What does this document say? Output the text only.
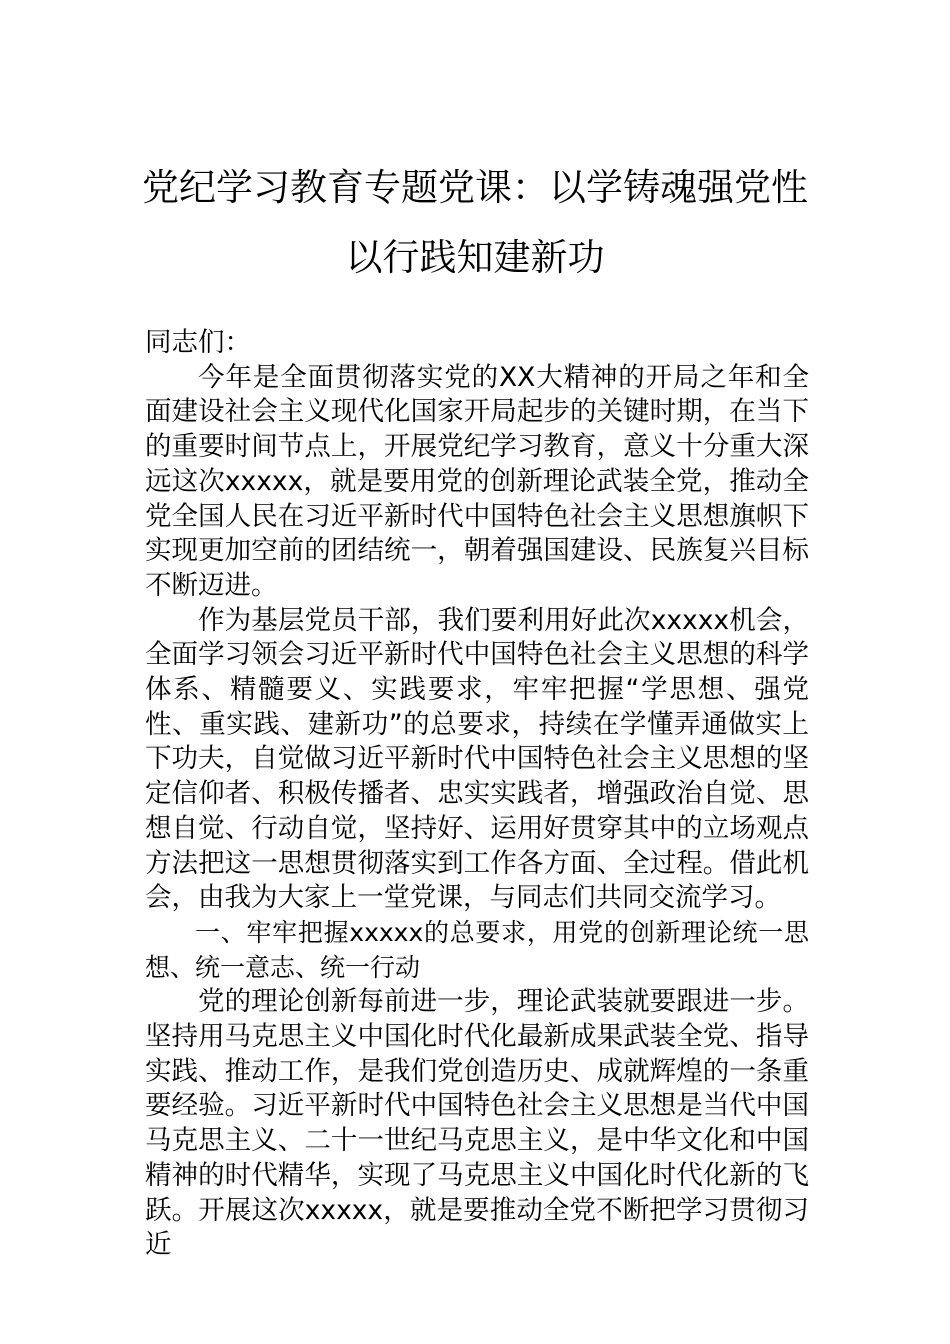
党纪学习教育专题党课：以学铸魂强党性
以行践知建新功

同志们：

今年是全面贯彻落实党的XX大精神的开局之年和全面建设社会主义现代化国家开局起步的关键时期，在当下的重要时间节点上，开展党纪学习教育，意义十分重大深远这次xxxxx，就是要用党的创新理论武装全党，推动全党全国人民在习近平新时代中国特色社会主义思想旗帜下实现更加空前的团结统一，朝着强国建设、民族复兴目标不断迈进。

作为基层党员干部，我们要利用好此次xxxxx机会，全面学习领会习近平新时代中国特色社会主义思想的科学体系、精髓要义、实践要求，牢牢把握“学思想、强党性、重实践、建新功”的总要求，持续在学懂弄通做实上下功夫，自觉做习近平新时代中国特色社会主义思想的坚定信仰者、积极传播者、忠实实践者，增强政治自觉、思想自觉、行动自觉，坚持好、运用好贯穿其中的立场观点方法把这一思想贯彻落实到工作各方面、全过程。借此机会，由我为大家上一堂党课，与同志们共同交流学习。

一、牢牢把握xxxxx的总要求，用党的创新理论统一思想、统一意志、统一行动

党的理论创新每前进一步，理论武装就要跟进一步。坚持用马克思主义中国化时代化最新成果武装全党、指导实践、推动工作，是我们党创造历史、成就辉煌的一条重要经验。习近平新时代中国特色社会主义思想是当代中国马克思主义、二十一世纪马克思主义，是中华文化和中国精神的时代精华，实现了马克思主义中国化时代化新的飞跃。开展这次xxxxx，就是要推动全党不断把学习贯彻习近
